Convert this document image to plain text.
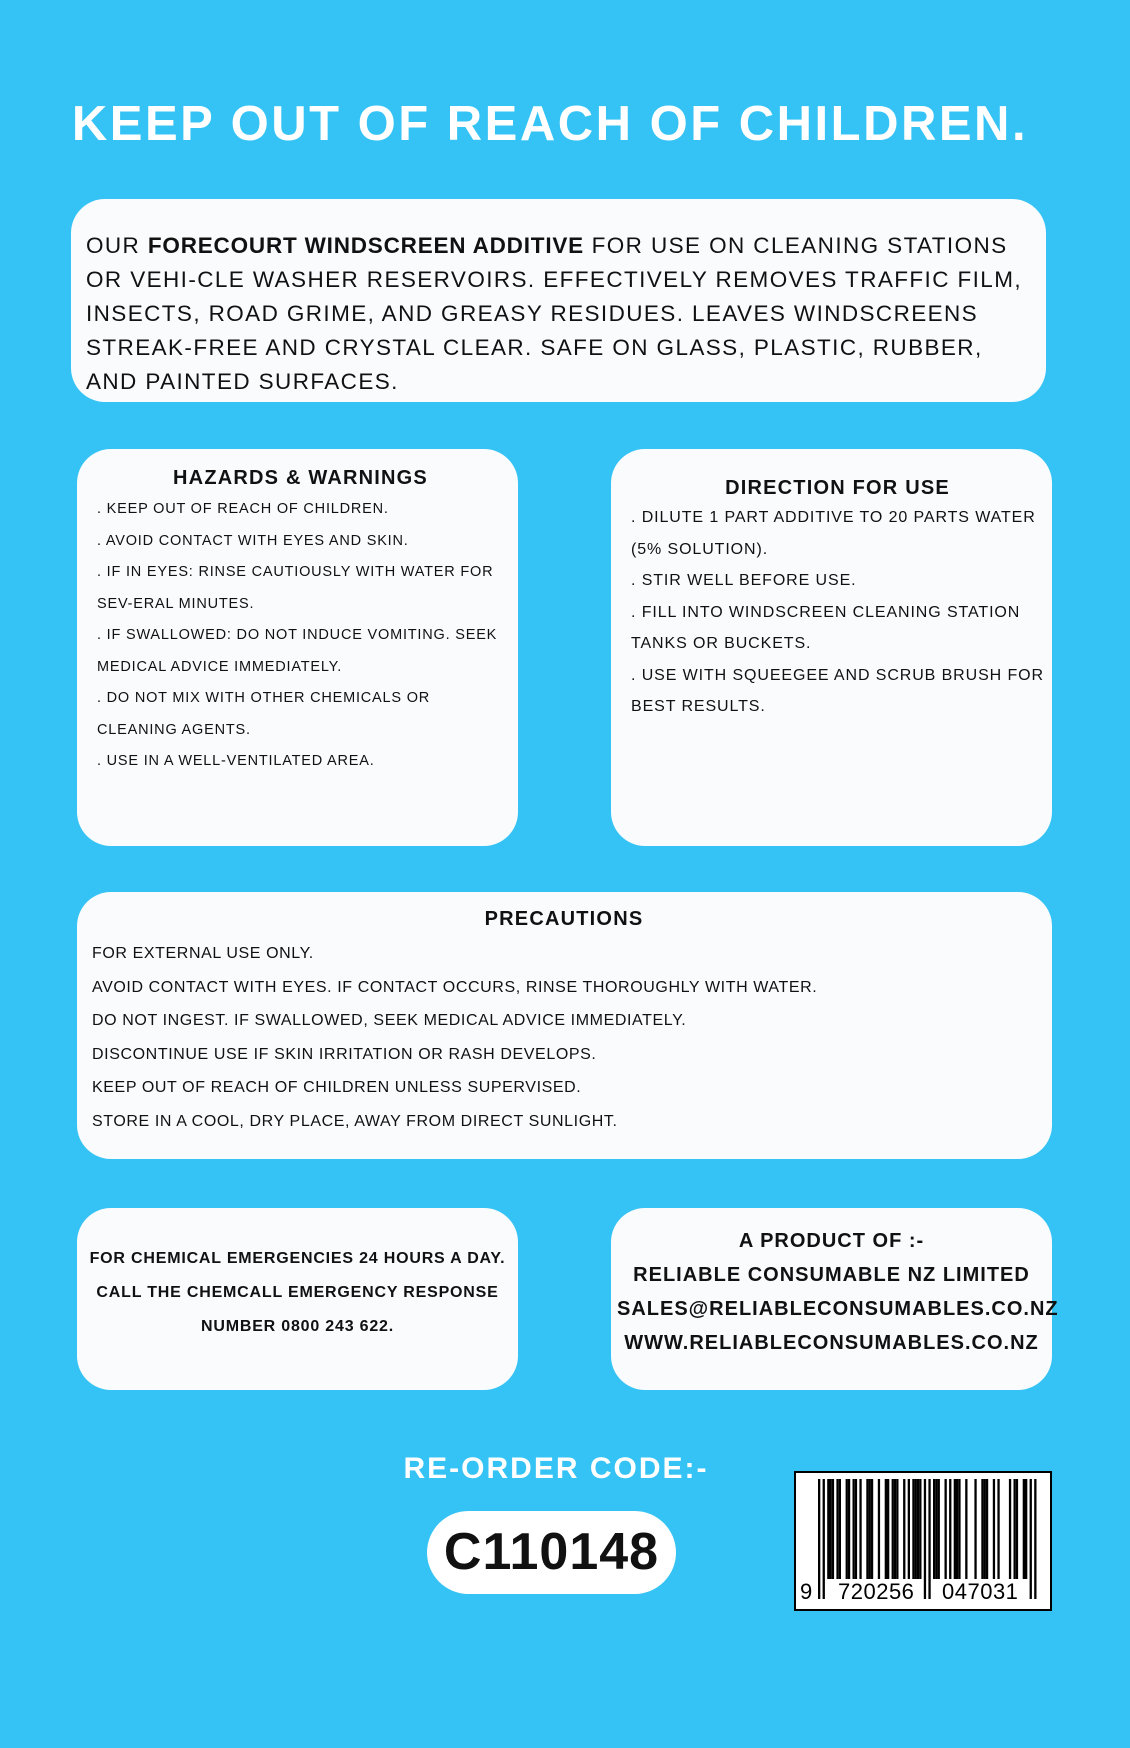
KEEP OUT OF REACH OF CHILDREN.
OUR FORECOURT WINDSCREEN ADDITIVE FOR USE ON CLEANING STATIONS OR VEHI-CLE WASHER RESERVOIRS. EFFECTIVELY REMOVES TRAFFIC FILM, INSECTS, ROAD GRIME, AND GREASY RESIDUES. LEAVES WINDSCREENS STREAK-FREE AND CRYSTAL CLEAR. SAFE ON GLASS, PLASTIC, RUBBER, AND PAINTED SURFACES.
HAZARDS & WARNINGS
. KEEP OUT OF REACH OF CHILDREN.
. AVOID CONTACT WITH EYES AND SKIN.
. IF IN EYES: RINSE CAUTIOUSLY WITH WATER FOR SEV-ERAL MINUTES.
. IF SWALLOWED: DO NOT INDUCE VOMITING. SEEK MEDICAL ADVICE IMMEDIATELY.
. DO NOT MIX WITH OTHER CHEMICALS OR CLEANING AGENTS.
. USE IN A WELL-VENTILATED AREA.
DIRECTION FOR USE
. DILUTE 1 PART ADDITIVE TO 20 PARTS WATER (5% SOLUTION).
. STIR WELL BEFORE USE.
. FILL INTO WINDSCREEN CLEANING STATION TANKS OR BUCKETS.
. USE WITH SQUEEGEE AND SCRUB BRUSH FOR BEST RESULTS.
PRECAUTIONS
FOR EXTERNAL USE ONLY.
AVOID CONTACT WITH EYES. IF CONTACT OCCURS, RINSE THOROUGHLY WITH WATER.
DO NOT INGEST. IF SWALLOWED, SEEK MEDICAL ADVICE IMMEDIATELY.
DISCONTINUE USE IF SKIN IRRITATION OR RASH DEVELOPS.
KEEP OUT OF REACH OF CHILDREN UNLESS SUPERVISED.
STORE IN A COOL, DRY PLACE, AWAY FROM DIRECT SUNLIGHT.
FOR CHEMICAL EMERGENCIES 24 HOURS A DAY.
CALL THE CHEMCALL EMERGENCY RESPONSE
NUMBER 0800 243 622.
A PRODUCT OF :-
RELIABLE CONSUMABLE NZ LIMITED
SALES@RELIABLECONSUMABLES.CO.NZ
WWW.RELIABLECONSUMABLES.CO.NZ
RE-ORDER CODE:-
C110148
9 720256 047031
